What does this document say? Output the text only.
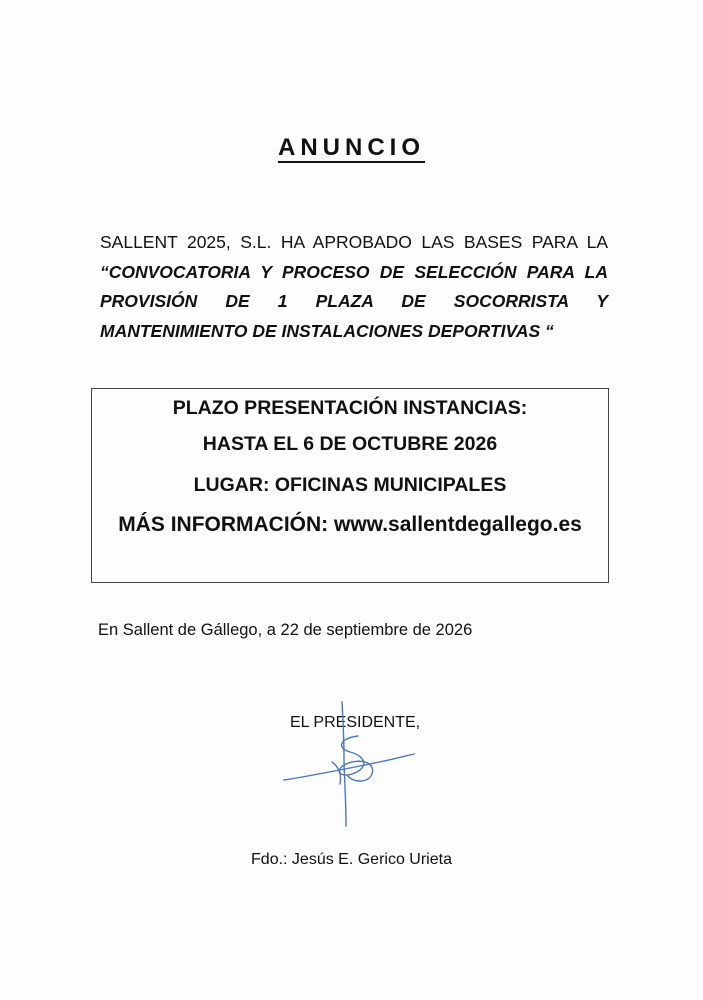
ANUNCIO
SALLENT 2025, S.L. HA APROBADO LAS BASES PARA LA
“CONVOCATORIA Y PROCESO DE SELECCIÓN PARA LA
PROVISIÓN DE 1 PLAZA DE SOCORRISTA Y
MANTENIMIENTO DE INSTALACIONES DEPORTIVAS “
PLAZO PRESENTACIÓN INSTANCIAS:
HASTA EL 6 DE OCTUBRE 2026
LUGAR: OFICINAS MUNICIPALES
MÁS INFORMACIÓN: www.sallentdegallego.es
En Sallent de Gállego, a 22 de septiembre de 2026
EL PRESIDENTE,
Fdo.: Jesús E. Gerico Urieta
